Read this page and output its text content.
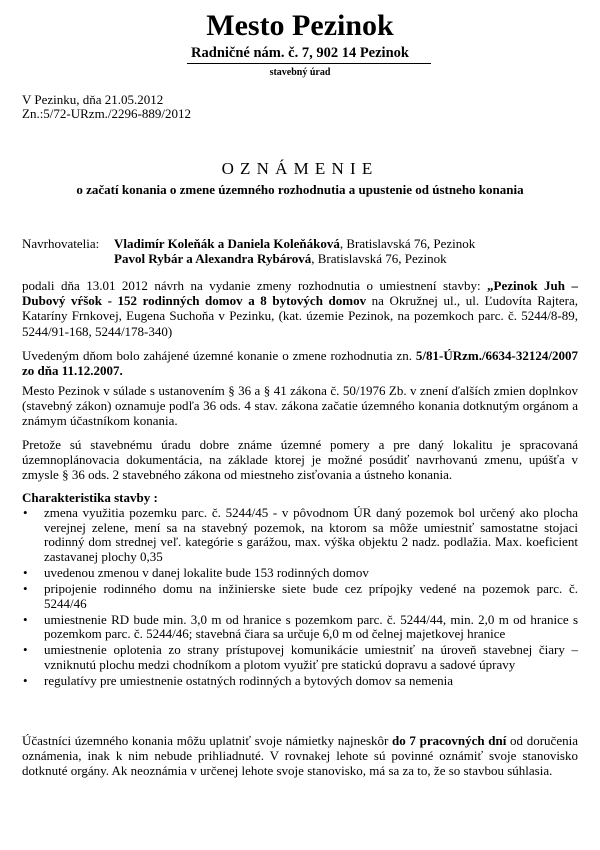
Mesto Pezinok
Radničné nám. č. 7, 902 14 Pezinok
stavebný úrad
V Pezinku, dňa 21.05.2012
Zn.:5/72-URzm./2296-889/2012
OZNÁMENIE
o začatí konania o zmene územného rozhodnutia a upustenie od ústneho konania
Navrhovatelia: Vladimír Koleňák a Daniela Koleňáková, Bratislavská 76, Pezinok
Pavol Rybár a Alexandra Rybárová, Bratislavská 76, Pezinok

podali dňa 13.01 2012 návrh na vydanie zmeny rozhodnutia o umiestnení stavby: „Pezinok Juh – Dubový vŕšok - 152 rodinných domov a 8 bytových domov na Okružnej ul., ul. Ľudovíta Rajtera, Kataríny Frnkovej, Eugena Suchoňa v Pezinku, (kat. územie Pezinok, na pozemkoch parc. č. 5244/8-89, 5244/91-168, 5244/178-340)

Uvedeným dňom bolo zahájené územné konanie o zmene rozhodnutia zn. 5/81-ÚRzm./6634-32124/2007 zo dňa 11.12.2007.

Mesto Pezinok v súlade s ustanovením § 36 a § 41 zákona č. 50/1976 Zb. v znení ďalších zmien doplnkov (stavebný zákon) oznamuje podľa 36 ods. 4 stav. zákona začatie územného konania dotknutým orgánom a známym účastníkom konania.

Pretože sú stavebnému úradu dobre známe územné pomery a pre daný lokalitu je spracovaná územnoplánovacia dokumentácia, na základe ktorej je možné posúdiť navrhovanú zmenu, upúšťa v zmysle § 36 ods. 2 stavebného zákona od miestneho zisťovania a ústneho konania.

Charakteristika stavby :
• zmena využitia pozemku parc. č. 5244/45 - v pôvodnom ÚR daný pozemok bol určený ako plocha verejnej zelene, mení sa na stavebný pozemok, na ktorom sa môže umiestniť samostatne stojaci rodinný dom strednej veľ. kategórie s garážou, max. výška objektu 2 nadz. podlažia. Max. koeficient zastavanej plochy 0,35
• uvedenou zmenou v danej lokalite bude 153 rodinných domov
• pripojenie rodinného domu na inžinierske siete bude cez prípojky vedené na pozemok parc. č. 5244/46
• umiestnenie RD bude min. 3,0 m od hranice s pozemkom parc. č. 5244/44, min. 2,0 m od hranice s pozemkom parc. č. 5244/46; stavebná čiara sa určuje 6,0 m od čelnej majetkovej hranice
• umiestnenie oplotenia zo strany prístupovej komunikácie umiestniť na úroveň stavebnej čiary – vzniknutú plochu medzi chodníkom a plotom využiť pre statickú dopravu a sadové úpravy
• regulatívy pre umiestnenie ostatných rodinných a bytových domov sa nemenia

Účastníci územného konania môžu uplatniť svoje námietky najneskôr do 7 pracovných dní od doručenia oznámenia, inak k nim nebude prihliadnuté. V rovnakej lehote sú povinné oznámiť svoje stanovisko dotknuté orgány. Ak neoznámia v určenej lehote svoje stanovisko, má sa za to, že so stavbou súhlasia.
